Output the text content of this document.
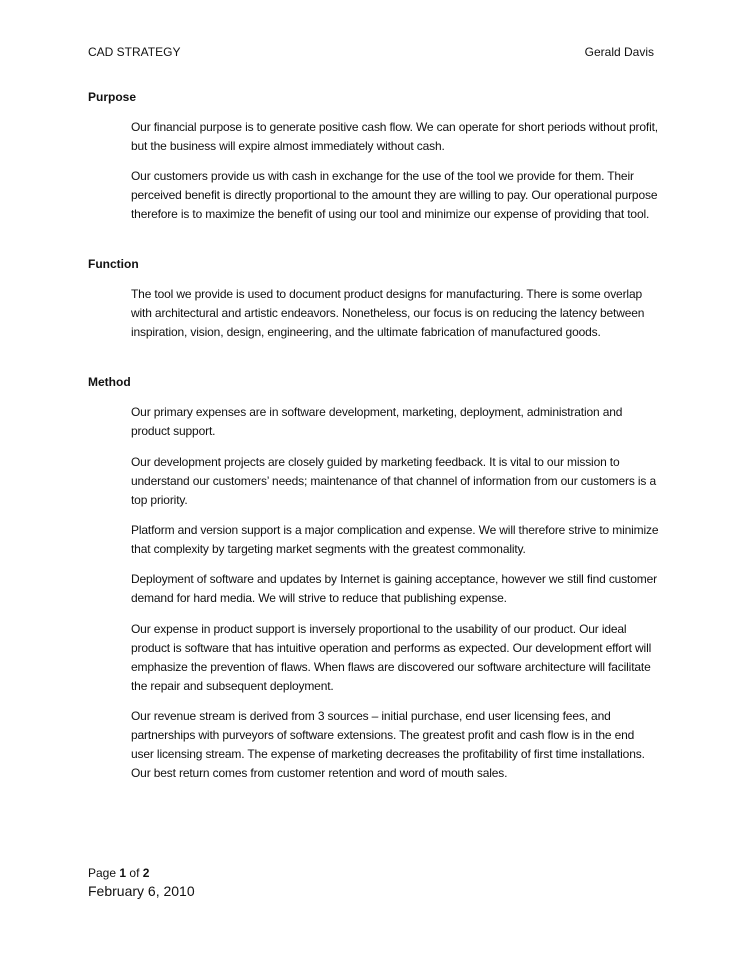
CAD STRATEGY	Gerald Davis
Purpose
Our financial purpose is to generate positive cash flow. We can operate for short periods without profit, but the business will expire almost immediately without cash.
Our customers provide us with cash in exchange for the use of the tool we provide for them. Their perceived benefit is directly proportional to the amount they are willing to pay. Our operational purpose therefore is to maximize the benefit of using our tool and minimize our expense of providing that tool.
Function
The tool we provide is used to document product designs for manufacturing. There is some overlap with architectural and artistic endeavors. Nonetheless, our focus is on reducing the latency between inspiration, vision, design, engineering, and the ultimate fabrication of manufactured goods.
Method
Our primary expenses are in software development, marketing, deployment, administration and product support.
Our development projects are closely guided by marketing feedback. It is vital to our mission to understand our customers’ needs; maintenance of that channel of information from our customers is a top priority.
Platform and version support is a major complication and expense. We will therefore strive to minimize that complexity by targeting market segments with the greatest commonality.
Deployment of software and updates by Internet is gaining acceptance, however we still find customer demand for hard media. We will strive to reduce that publishing expense.
Our expense in product support is inversely proportional to the usability of our product. Our ideal product is software that has intuitive operation and performs as expected. Our development effort will emphasize the prevention of flaws. When flaws are discovered our software architecture will facilitate the repair and subsequent deployment.
Our revenue stream is derived from 3 sources – initial purchase, end user licensing fees, and partnerships with purveyors of software extensions. The greatest profit and cash flow is in the end user licensing stream. The expense of marketing decreases the profitability of first time installations. Our best return comes from customer retention and word of mouth sales.
Page 1 of 2
February 6, 2010
